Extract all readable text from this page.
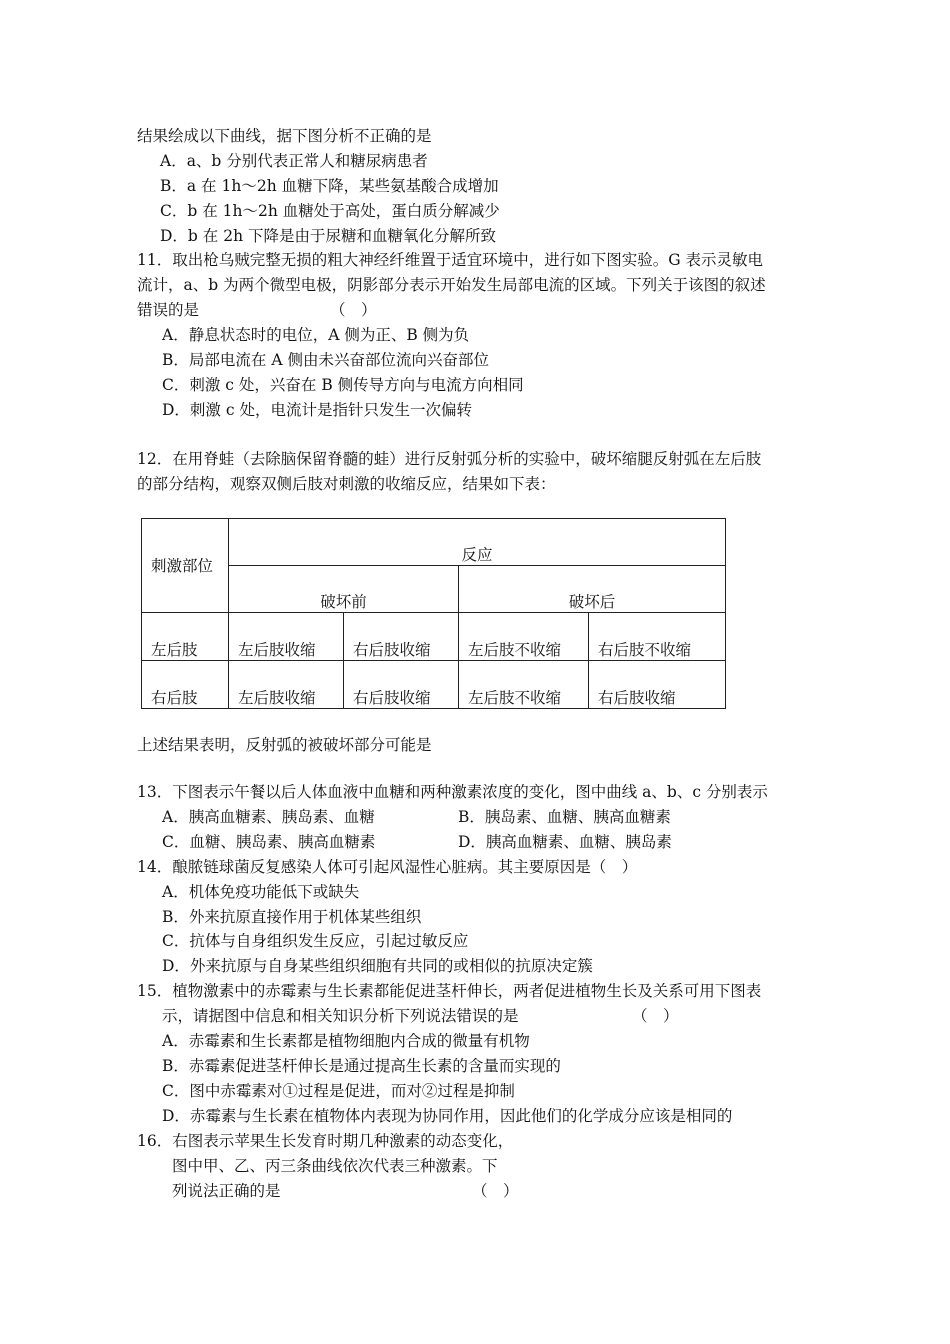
结果绘成以下曲线，据下图分析不正确的是
A．a、b 分别代表正常人和糖尿病患者
B．a 在 1h～2h 血糖下降，某些氨基酸合成增加
C．b 在 1h～2h 血糖处于高处，蛋白质分解减少
D．b 在 2h 下降是由于尿糖和血糖氧化分解所致
11．取出枪乌贼完整无损的粗大神经纤维置于适宜环境中，进行如下图实验。G 表示灵敏电
流计，a、b 为两个微型电极，阴影部分表示开始发生局部电流的区域。下列关于该图的叙述
错误的是	（　）
A．静息状态时的电位，A 侧为正、B 侧为负
B．局部电流在 A 侧由未兴奋部位流向兴奋部位
C．刺激 c 处，兴奋在 B 侧传导方向与电流方向相同
D．刺激 c 处，电流计是指针只发生一次偏转
12．在用脊蛙（去除脑保留脊髓的蛙）进行反射弧分析的实验中，破坏缩腿反射弧在左后肢
的部分结构，观察双侧后肢对刺激的收缩反应，结果如下表：
刺激部位	反应			
	破坏前		破坏后	
左后肢	左后肢收缩	右后肢收缩	左后肢不收缩	右后肢不收缩
右后肢	左后肢收缩	右后肢收缩	左后肢不收缩	右后肢收缩
上述结果表明，反射弧的被破坏部分可能是
13．下图表示午餐以后人体血液中血糖和两种激素浓度的变化，图中曲线 a、b、c 分别表示
A．胰高血糖素、胰岛素、血糖	B．胰岛素、血糖、胰高血糖素
C．血糖、胰岛素、胰高血糖素	D．胰高血糖素、血糖、胰岛素
14．酿脓链球菌反复感染人体可引起风湿性心脏病。其主要原因是（　）
A．机体免疫功能低下或缺失
B．外来抗原直接作用于机体某些组织
C．抗体与自身组织发生反应，引起过敏反应
D．外来抗原与自身某些组织细胞有共同的或相似的抗原决定簇
15．植物激素中的赤霉素与生长素都能促进茎杆伸长，两者促进植物生长及关系可用下图表
示，请据图中信息和相关知识分析下列说法错误的是	（　）
A．赤霉素和生长素都是植物细胞内合成的微量有机物
B．赤霉素促进茎杆伸长是通过提高生长素的含量而实现的
C．图中赤霉素对①过程是促进，而对②过程是抑制
D．赤霉素与生长素在植物体内表现为协同作用，因此他们的化学成分应该是相同的
16．右图表示苹果生长发育时期几种激素的动态变化，
图中甲、乙、丙三条曲线依次代表三种激素。下
列说法正确的是	（　）
